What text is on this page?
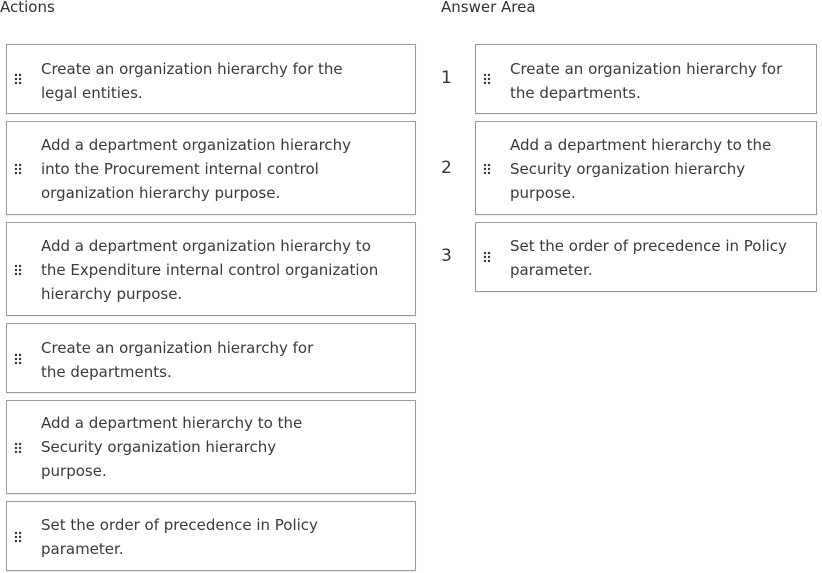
Actions	Answer Area
Create an organization hierarchy for the
legal entities.
Add a department organization hierarchy
into the Procurement internal control
organization hierarchy purpose.
Add a department organization hierarchy to
the Expenditure internal control organization
hierarchy purpose.
Create an organization hierarchy for
the departments.
Add a department hierarchy to the
Security organization hierarchy
purpose.
Set the order of precedence in Policy
parameter.
1	Create an organization hierarchy for
the departments.
2
Add a department hierarchy to the
Security organization hierarchy
purpose.
3	Set the order of precedence in Policy
parameter.
